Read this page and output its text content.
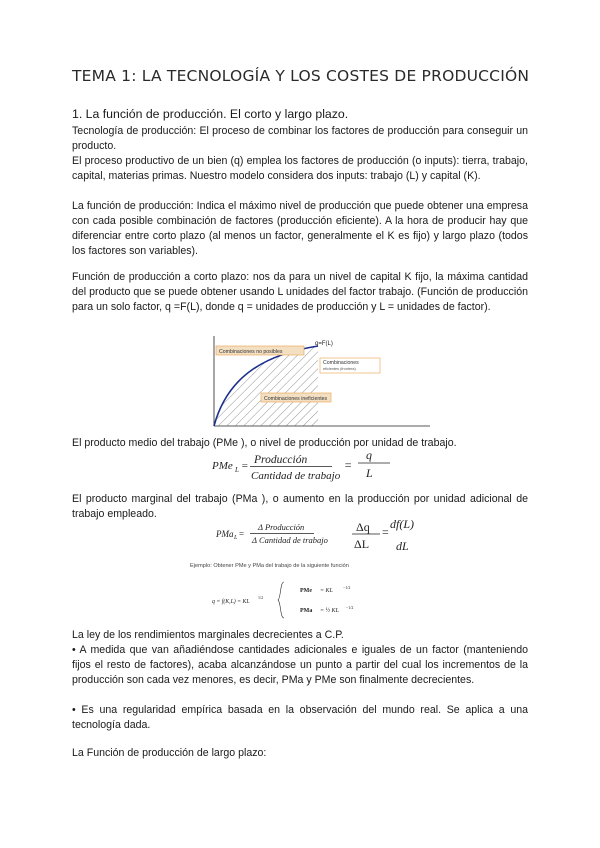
TEMA 1: LA TECNOLOGÍA Y LOS COSTES DE PRODUCCIÓN
1. La función de producción. El corto y largo plazo.
Tecnología de producción: El proceso de combinar los factores de producción para conseguir un producto.
El proceso productivo de un bien (q) emplea los factores de producción (o inputs): tierra, trabajo, capital, materias primas. Nuestro modelo considera dos inputs: trabajo (L) y capital (K).
La función de producción: Indica el máximo nivel de producción que puede obtener una empresa con cada posible combinación de factores (producción eficiente). A la hora de producir hay que diferenciar entre corto plazo (al menos un factor, generalmente el K es fijo) y largo plazo (todos los factores son variables).
Función de producción a corto plazo: nos da para un nivel de capital K fijo, la máxima cantidad del producto que se puede obtener usando L unidades del factor trabajo. (Función de producción para un solo factor, q =F(L), donde q = unidades de producción y L = unidades de factor).
Combinaciones no posibles
q=F(L)
Combinaciones
eficientes (frontera)
Combinaciones ineficientes
El producto medio del trabajo (PMe ), o nivel de producción por unidad de trabajo.
PMe L = Producción
Cantidad de trabajo
=
q
L
El producto marginal del trabajo (PMa ), o aumento en la producción por unidad adicional de trabajo empleado.
PMa L =
Δ Producción
Δ Cantidad de trabajo
Δq
ΔL
=
df(L)
dL
Ejemplo: Obtener PMe y PMa del trabajo de la siguiente función
q = f(K,L) = KL
1/2
PMe = KL
−1/2
PMa = ½ KL
−1/2
La ley de los rendimientos marginales decrecientes a C.P.
• A medida que van añadiéndose cantidades adicionales e iguales de un factor (manteniendo fijos el resto de factores), acaba alcanzándose un punto a partir del cual los incrementos de la producción son cada vez menores, es decir, PMa y PMe son finalmente decrecientes.
• Es una regularidad empírica basada en la observación del mundo real. Se aplica a una tecnología dada.
La Función de producción de largo plazo:
